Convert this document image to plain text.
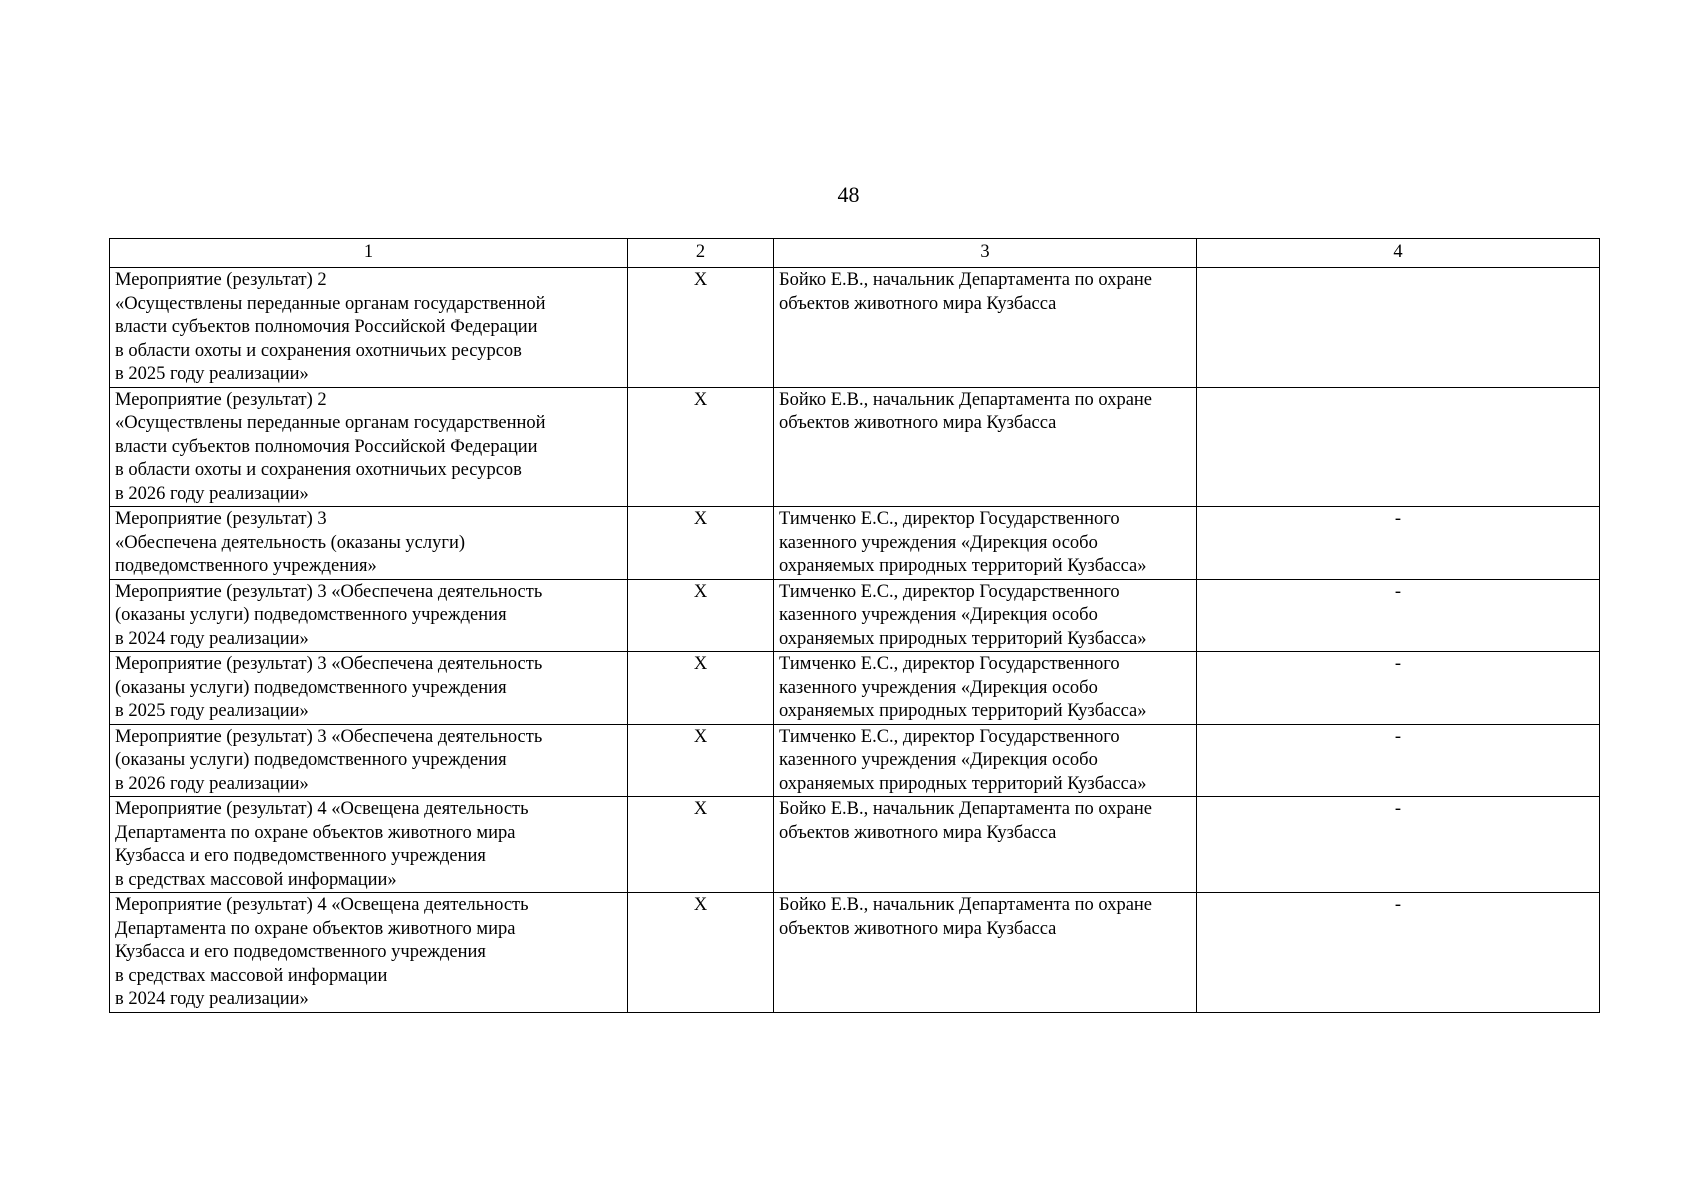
48
1	2	3	4

Мероприятие (результат) 2
«Осуществлены переданные органам государственной
власти субъектов полномочия Российской Федерации
в области охоты и сохранения охотничьих ресурсов
в 2025 году реализации»	Х	Бойко Е.В., начальник Департамента по охране
объектов животного мира Кузбасса	

Мероприятие (результат) 2
«Осуществлены переданные органам государственной
власти субъектов полномочия Российской Федерации
в области охоты и сохранения охотничьих ресурсов
в 2026 году реализации»	Х	Бойко Е.В., начальник Департамента по охране
объектов животного мира Кузбасса	

Мероприятие (результат) 3
«Обеспечена деятельность (оказаны услуги)
подведомственного учреждения»	Х	Тимченко Е.С., директор Государственного
казенного учреждения «Дирекция особо
охраняемых природных территорий Кузбасса»	-

Мероприятие (результат) 3 «Обеспечена деятельность
(оказаны услуги) подведомственного учреждения
в 2024 году реализации»	Х	Тимченко Е.С., директор Государственного
казенного учреждения «Дирекция особо
охраняемых природных территорий Кузбасса»	-

Мероприятие (результат) 3 «Обеспечена деятельность
(оказаны услуги) подведомственного учреждения
в 2025 году реализации»	Х	Тимченко Е.С., директор Государственного
казенного учреждения «Дирекция особо
охраняемых природных территорий Кузбасса»	-

Мероприятие (результат) 3 «Обеспечена деятельность
(оказаны услуги) подведомственного учреждения
в 2026 году реализации»	Х	Тимченко Е.С., директор Государственного
казенного учреждения «Дирекция особо
охраняемых природных территорий Кузбасса»	-

Мероприятие (результат) 4 «Освещена деятельность
Департамента по охране объектов животного мира
Кузбасса и его подведомственного учреждения
в средствах массовой информации»	Х	Бойко Е.В., начальник Департамента по охране
объектов животного мира Кузбасса	-

Мероприятие (результат) 4 «Освещена деятельность
Департамента по охране объектов животного мира
Кузбасса и его подведомственного учреждения
в средствах массовой информации
в 2024 году реализации»	Х	Бойко Е.В., начальник Департамента по охране
объектов животного мира Кузбасса	-
